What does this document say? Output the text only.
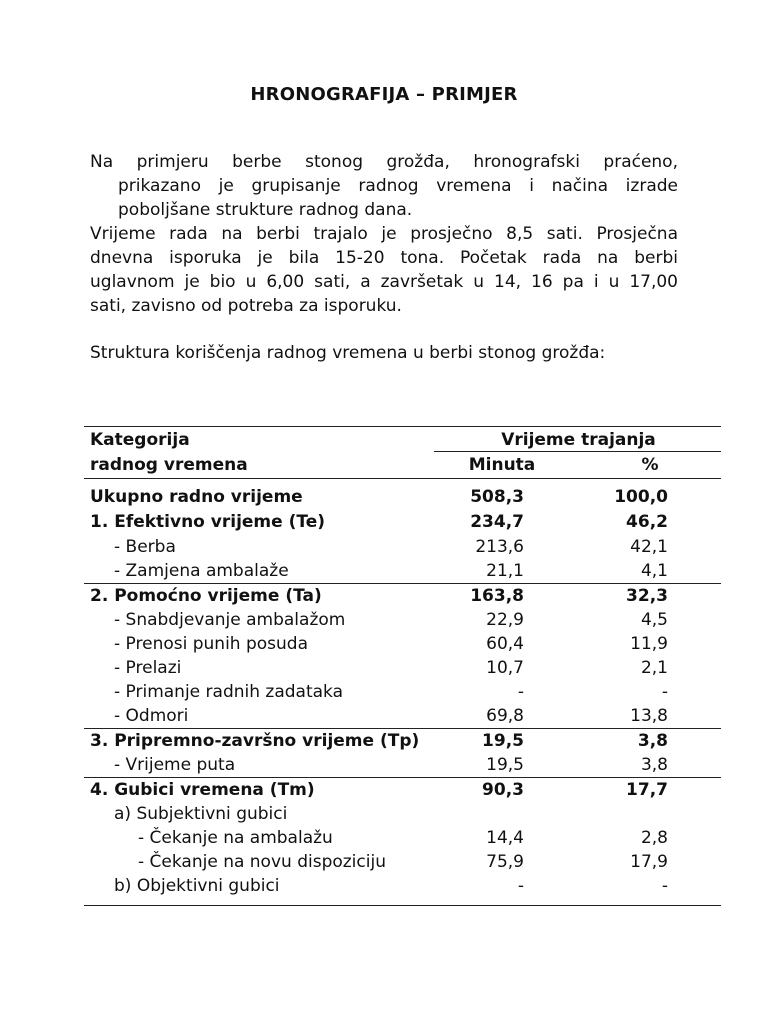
HRONOGRAFIJA – PRIMJER
Na primjeru berbe stonog grožđa, hronografski praćeno,
prikazano je grupisanje radnog vremena i načina izrade
poboljšane strukture radnog dana.
Vrijeme rada na berbi trajalo je prosječno 8,5 sati. Prosječna
dnevna isporuka je bila 15-20 tona. Početak rada na berbi
uglavnom je bio u 6,00 sati, a završetak u 14, 16 pa i u 17,00
sati, zavisno od potreba za isporuku.
Struktura koriščenja radnog vremena u berbi stonog grožđa:
Kategorija
radnog vremena
Vrijeme trajanja
Minuta	%
Ukupno radno vrijeme	508,3	100,0
1. Efektivno vrijeme (Te)	234,7	46,2
- Berba	213,6	42,1
- Zamjena ambalaže	21,1	4,1
2. Pomoćno vrijeme (Ta)	163,8	32,3
- Snabdjevanje ambalažom	22,9	4,5
- Prenosi punih posuda	60,4	11,9
- Prelazi	10,7	2,1
- Primanje radnih zadataka	-	-
- Odmori	69,8	13,8
3. Pripremno-završno vrijeme (Tp)	19,5	3,8
- Vrijeme puta	19,5	3,8
4. Gubici vremena (Tm)	90,3	17,7
a) Subjektivni gubici
- Čekanje na ambalažu	14,4	2,8
- Čekanje na novu dispoziciju	75,9	17,9
b) Objektivni gubici	-	-
